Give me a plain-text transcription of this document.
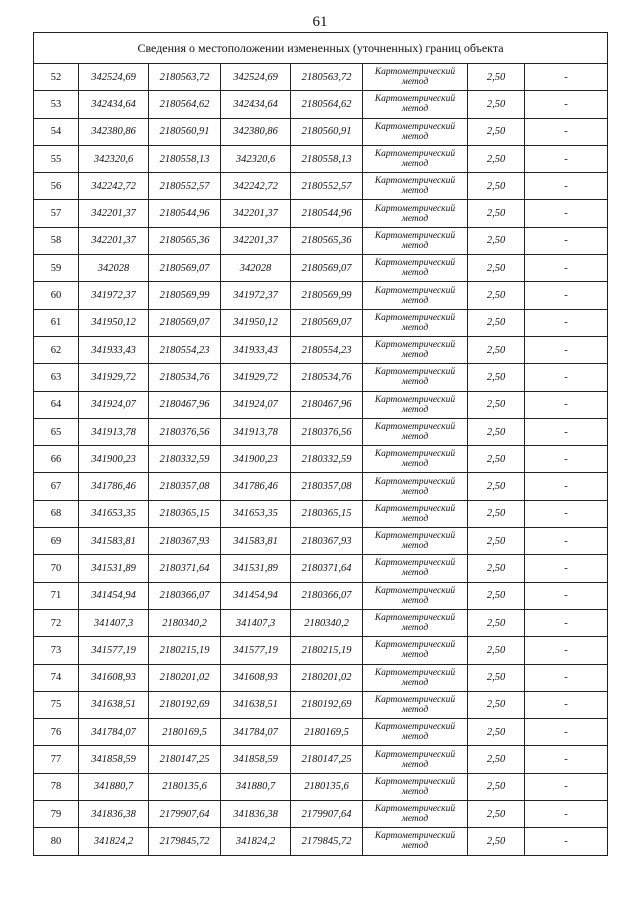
61
Сведения о местоположении измененных (уточненных) границ объекта							
52	342524,69	2180563,72	342524,69	2180563,72	Картометрический метод	2,50	-
53	342434,64	2180564,62	342434,64	2180564,62	Картометрический метод	2,50	-
54	342380,86	2180560,91	342380,86	2180560,91	Картометрический метод	2,50	-
55	342320,6	2180558,13	342320,6	2180558,13	Картометрический метод	2,50	-
56	342242,72	2180552,57	342242,72	2180552,57	Картометрический метод	2,50	-
57	342201,37	2180544,96	342201,37	2180544,96	Картометрический метод	2,50	-
58	342201,37	2180565,36	342201,37	2180565,36	Картометрический метод	2,50	-
59	342028	2180569,07	342028	2180569,07	Картометрический метод	2,50	-
60	341972,37	2180569,99	341972,37	2180569,99	Картометрический метод	2,50	-
61	341950,12	2180569,07	341950,12	2180569,07	Картометрический метод	2,50	-
62	341933,43	2180554,23	341933,43	2180554,23	Картометрический метод	2,50	-
63	341929,72	2180534,76	341929,72	2180534,76	Картометрический метод	2,50	-
64	341924,07	2180467,96	341924,07	2180467,96	Картометрический метод	2,50	-
65	341913,78	2180376,56	341913,78	2180376,56	Картометрический метод	2,50	-
66	341900,23	2180332,59	341900,23	2180332,59	Картометрический метод	2,50	-
67	341786,46	2180357,08	341786,46	2180357,08	Картометрический метод	2,50	-
68	341653,35	2180365,15	341653,35	2180365,15	Картометрический метод	2,50	-
69	341583,81	2180367,93	341583,81	2180367,93	Картометрический метод	2,50	-
70	341531,89	2180371,64	341531,89	2180371,64	Картометрический метод	2,50	-
71	341454,94	2180366,07	341454,94	2180366,07	Картометрический метод	2,50	-
72	341407,3	2180340,2	341407,3	2180340,2	Картометрический метод	2,50	-
73	341577,19	2180215,19	341577,19	2180215,19	Картометрический метод	2,50	-
74	341608,93	2180201,02	341608,93	2180201,02	Картометрический метод	2,50	-
75	341638,51	2180192,69	341638,51	2180192,69	Картометрический метод	2,50	-
76	341784,07	2180169,5	341784,07	2180169,5	Картометрический метод	2,50	-
77	341858,59	2180147,25	341858,59	2180147,25	Картометрический метод	2,50	-
78	341880,7	2180135,6	341880,7	2180135,6	Картометрический метод	2,50	-
79	341836,38	2179907,64	341836,38	2179907,64	Картометрический метод	2,50	-
80	341824,2	2179845,72	341824,2	2179845,72	Картометрический метод	2,50	-
